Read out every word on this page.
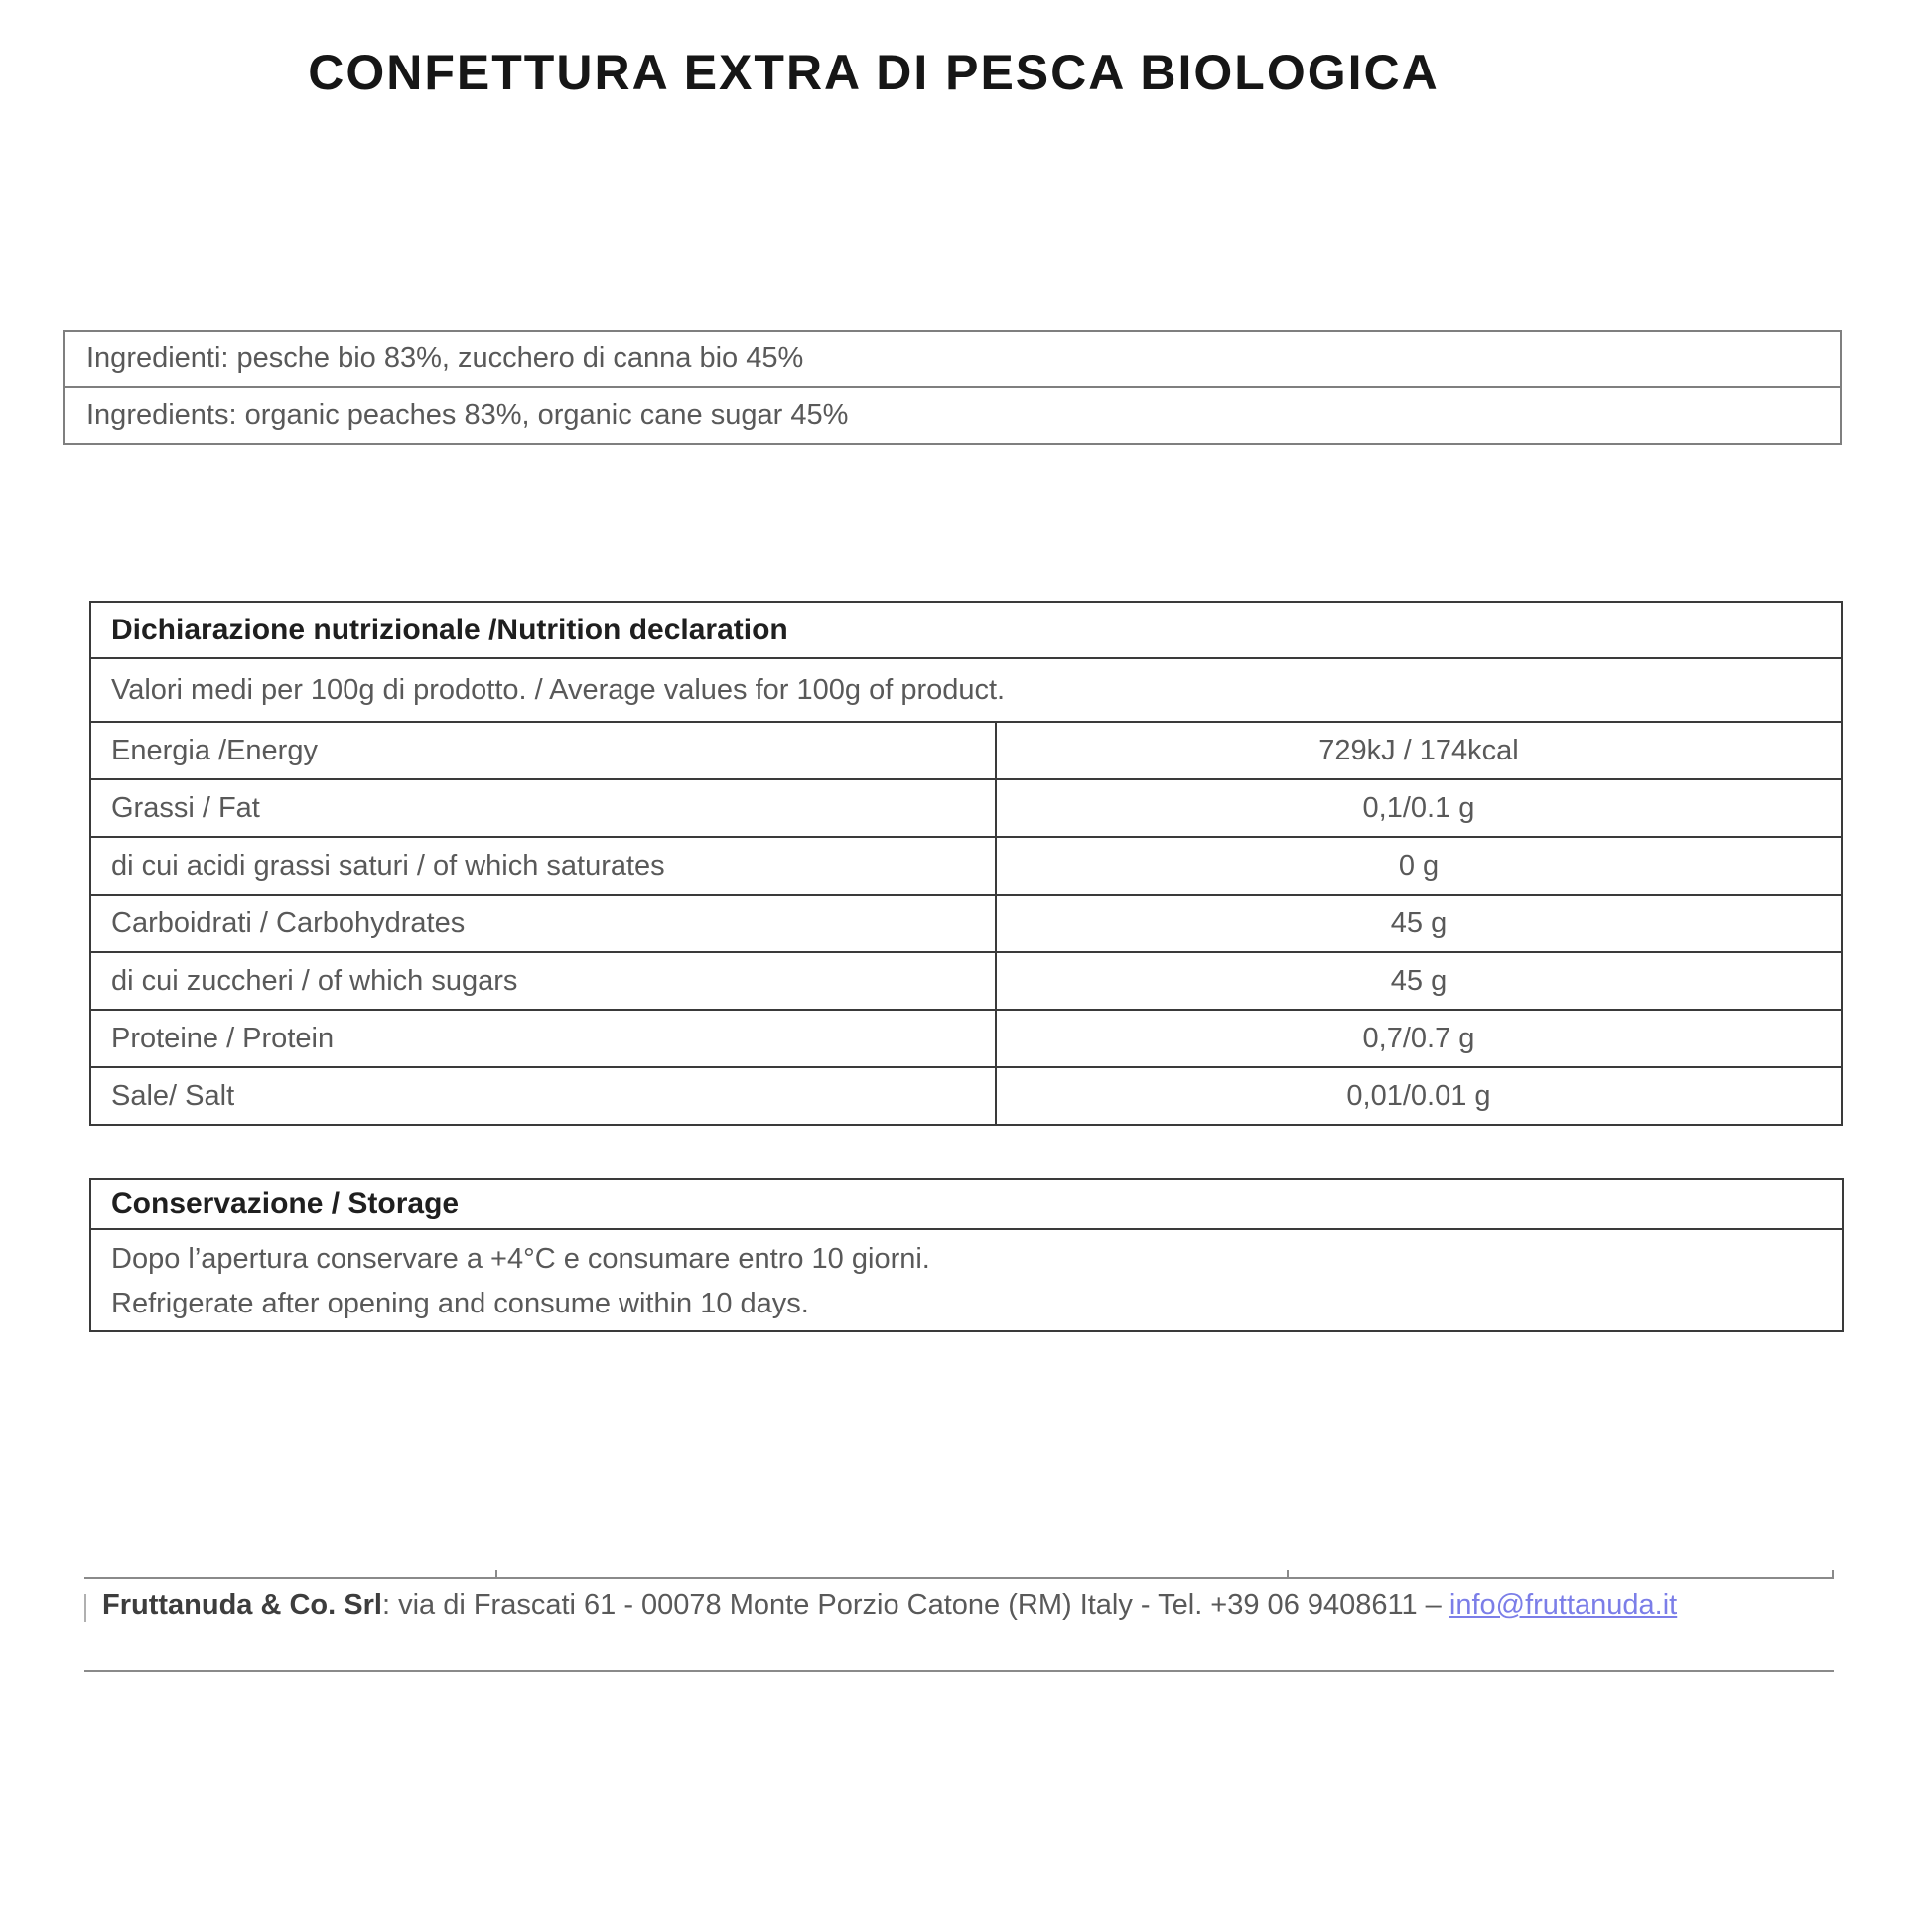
CONFETTURA EXTRA DI PESCA BIOLOGICA
Ingredienti: pesche bio 83%, zucchero di canna bio 45%
Ingredients: organic peaches 83%, organic cane sugar 45%
Dichiarazione nutrizionale /Nutrition declaration	
Valori medi per 100g di prodotto. / Average values for 100g of product.	
Energia /Energy	729kJ / 174kcal
Grassi / Fat	0,1/0.1 g
di cui acidi grassi saturi / of which saturates	0 g
Carboidrati / Carbohydrates	45 g
di cui zuccheri / of which sugars	45 g
Proteine / Protein	0,7/0.7 g
Sale/ Salt	0,01/0.01 g
Conservazione / Storage

Dopo l’apertura conservare a +4°C e consumare entro 10 giorni.
Refrigerate after opening and consume within 10 days.
Fruttanuda & Co. Srl: via di Frascati 61 - 00078 Monte Porzio Catone (RM) Italy - Tel. +39 06 9408611 – info@fruttanuda.it
